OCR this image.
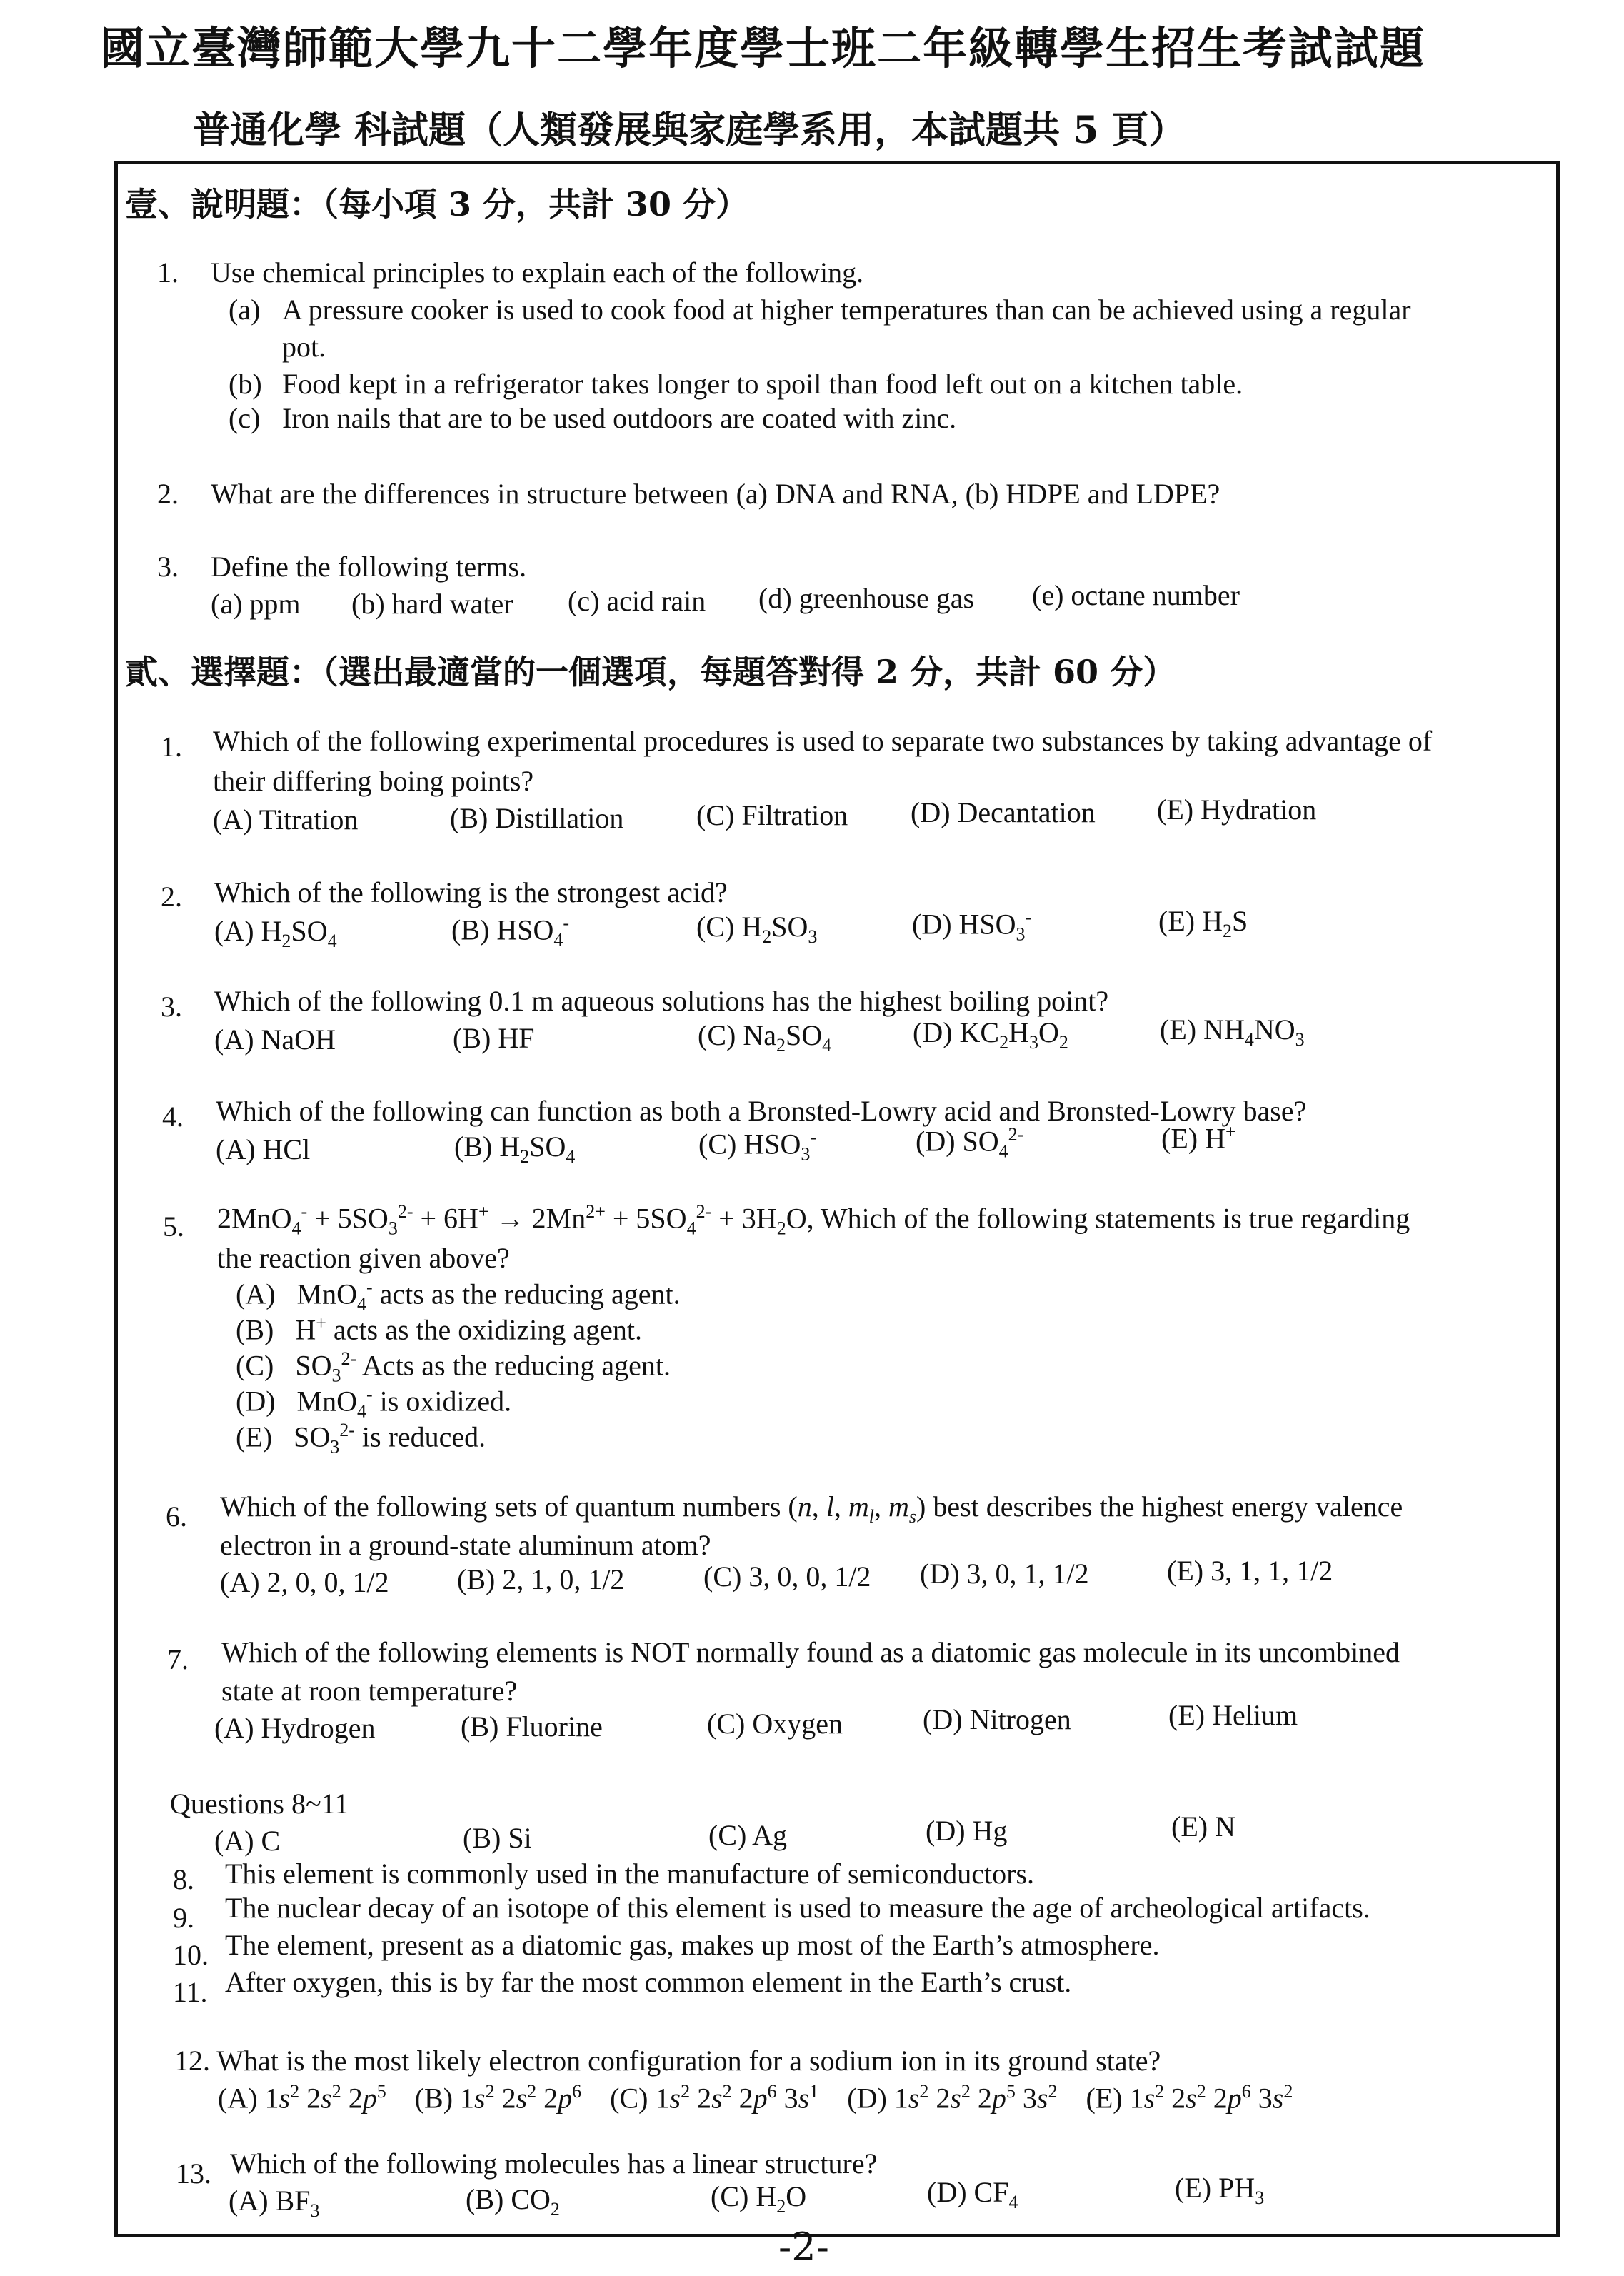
國立臺灣師範大學九十二學年度學士班二年級轉學生招生考試試題
普通化學 科試題（人類發展與家庭學系用，本試題共 5 頁）
壹、說明題：（每小項 3 分，共計 30 分）
1. Use chemical principles to explain each of the following.
(a) A pressure cooker is used to cook food at higher temperatures than can be achieved using a regular
pot.
(b) Food kept in a refrigerator takes longer to spoil than food left out on a kitchen table.
(c) Iron nails that are to be used outdoors are coated with zinc.
2. What are the differences in structure between (a) DNA and RNA, (b) HDPE and LDPE?
3. Define the following terms.
(a) ppm (b) hard water (c) acid rain (d) greenhouse gas (e) octane number
貳、選擇題：（選出最適當的一個選項，每題答對得 2 分，共計 60 分）
1. Which of the following experimental procedures is used to separate two substances by taking advantage of
their differing boing points?
(A) Titration	(B) Distillation	(C) Filtration (D) Decantation (E) Hydration
2. Which of the following is the strongest acid?
(A) $H_2SO_4$	(B) $HSO_4^-$	(C) $H_2SO_3$	(D) $HSO_3^-$	(E) $H_2S$
3. Which of the following 0.1 m aqueous solutions has the highest boiling point?
(A) NaOH	(B) HF	(C) $Na_2SO_4$	(D) $KC_2H_3O_2$	(E) $NH_4NO_3$
4. Which of the following can function as both a Bronsted-Lowry acid and Bronsted-Lowry base?
(A) HCl	(B) $H_2SO_4$	(C) $HSO_3^-$	(D) $SO_4^{2-}$	(E) H+
5. $2MnO_4^- + 5SO_3^{2-} + 6H^+ \to 2Mn^{2+} + 5SO_4^{2-} + 3H_2O$, Which of the following statements is true regarding
the reaction given above?
(A)   MnO$_4$- acts as the reducing agent.
(B)   H+ acts as the oxidizing agent.
(C)   $SO_3^{2-}$ Acts as the reducing agent.
(D)   MnO$_4$- is oxidized.
(E)   $SO_3^{2-}$ is reduced.
6. Which of the following sets of quantum numbers (n, l, $m_l$, $m_s$) best describes the highest energy valence
electron in a ground-state aluminum atom?
(A) 2, 0, 0, 1/2 (B) 2, 1, 0, 1/2	(C) 3, 0, 0, 1/2 (D) 3, 0, 1, 1/2	(E) 3, 1, 1, 1/2
7. Which of the following elements is NOT normally found as a diatomic gas molecule in its uncombined
state at roon temperature?
(A) Hydrogen	(B) Fluorine	(C) Oxygen	(D) Nitrogen	(E) Helium
Questions 8~11
(A) C	(B) Si	(C) Ag	(D) Hg	(E) N
8. This element is commonly used in the manufacture of semiconductors.
9. The nuclear decay of an isotope of this element is used to measure the age of archeological artifacts.
10. The element, present as a diatomic gas, makes up most of the Earth’s atmosphere.
11. After oxygen, this is by far the most common element in the Earth’s crust.
12. What is the most likely electron configuration for a sodium ion in its ground state?
(A) $1s^2$ $2s^2$ $2p^5$    (B) $1s^2$ $2s^2$ $2p^6$    (C) $1s^2$ $2s^2$ $2p^6$ $3s^1$    (D) $1s^2$ $2s^2$ $2p^5$ $3s^2$    (E) $1s^2$ $2s^2$ $2p^6$ $3s^2$
13. Which of the following molecules has a linear structure?
(A) $BF_3$	(B) $CO_2$	(C) $H_2O$	(D) $CF_4$	(E) $PH_3$
-2-
